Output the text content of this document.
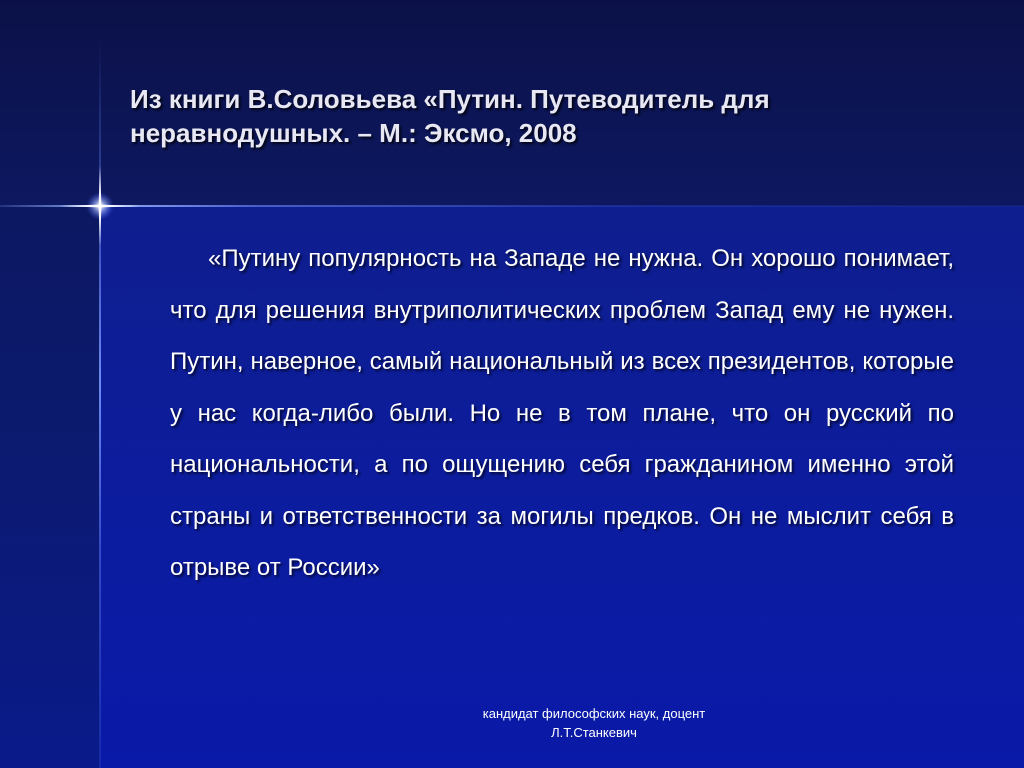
Из книги В.Соловьева «Путин. Путеводитель для неравнодушных. – М.: Эксмо, 2008

«Путину популярность на Западе не нужна. Он хорошо понимает, что для решения внутриполитических проблем Запад ему не нужен. Путин, наверное, самый национальный из всех президентов, которые у нас когда-либо были. Но не в том плане, что он русский по национальности, а по ощущению себя гражданином именно этой страны и ответственности за могилы предков. Он не мыслит себя в отрыве от России»

кандидат философских наук, доцент
Л.Т.Станкевич
